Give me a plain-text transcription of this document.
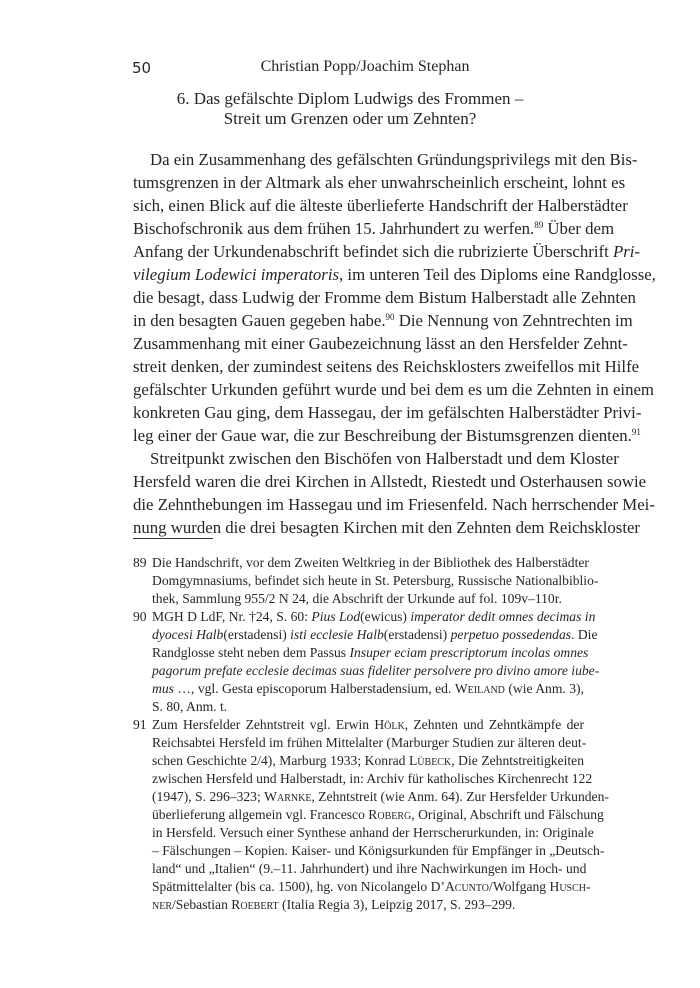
50	Christian Popp/Joachim Stephan
6. Das gefälschte Diplom Ludwigs des Frommen –
Streit um Grenzen oder um Zehnten?
Da ein Zusammenhang des gefälschten Gründungsprivilegs mit den Bis-
tumsgrenzen in der Altmark als eher unwahrscheinlich erscheint, lohnt es
sich, einen Blick auf die älteste überlieferte Handschrift der Halberstädter
Bischofschronik aus dem frühen 15. Jahrhundert zu werfen.$^{89}$ Über dem
Anfang der Urkundenabschrift befindet sich die rubrizierte Überschrift Pri-
vilegium Lodewici imperatoris, im unteren Teil des Diploms eine Randglosse,
die besagt, dass Ludwig der Fromme dem Bistum Halberstadt alle Zehnten
in den besagten Gauen gegeben habe.$^{90}$ Die Nennung von Zehntrechten im
Zusammenhang mit einer Gaubezeichnung lässt an den Hersfelder Zehnt-
streit denken, der zumindest seitens des Reichsklosters zweifellos mit Hilfe
gefälschter Urkunden geführt wurde und bei dem es um die Zehnten in einem
konkreten Gau ging, dem Hassegau, der im gefälschten Halberstädter Privi-
leg einer der Gaue war, die zur Beschreibung der Bistumsgrenzen dienten.$^{91}$
Streitpunkt zwischen den Bischöfen von Halberstadt und dem Kloster
Hersfeld waren die drei Kirchen in Allstedt, Riestedt und Osterhausen sowie
die Zehnthebungen im Hassegau und im Friesenfeld. Nach herrschender Mei-
nung wurden die drei besagten Kirchen mit den Zehnten dem Reichskloster
89 Die Handschrift, vor dem Zweiten Weltkrieg in der Bibliothek des Halberstädter
Domgymnasiums, befindet sich heute in St. Petersburg, Russische Nationalbiblio-
thek, Sammlung 955/2 N 24, die Abschrift der Urkunde auf fol. 109v–110r.
90 MGH D LdF, Nr. †24, S. 60: Pius Lod(ewicus) imperator dedit omnes decimas in
dyocesi Halb(erstadensi) isti ecclesie Halb(erstadensi) perpetuo possedendas. Die
Randglosse steht neben dem Passus Insuper eciam prescriptorum incolas omnes
pagorum prefate ecclesie decimas suas fideliter persolvere pro divino amore iube-
mus …, vgl. Gesta episcoporum Halberstadensium, ed. Weiland (wie Anm. 3),
S. 80, Anm. t.
91 Zum Hersfelder Zehntstreit vgl. Erwin Hölk, Zehnten und Zehntkämpfe der
Reichsabtei Hersfeld im frühen Mittelalter (Marburger Studien zur älteren deut-
schen Geschichte 2/4), Marburg 1933; Konrad Lübeck, Die Zehntstreitigkeiten
zwischen Hersfeld und Halberstadt, in: Archiv für katholisches Kirchenrecht 122
(1947), S. 296–323; Warnke, Zehntstreit (wie Anm. 64). Zur Hersfelder Urkunden-
überlieferung allgemein vgl. Francesco Roberg, Original, Abschrift und Fälschung
in Hersfeld. Versuch einer Synthese anhand der Herrscherurkunden, in: Originale
– Fälschungen – Kopien. Kaiser- und Königsurkunden für Empfänger in „Deutsch-
land“ und „Italien“ (9.–11. Jahrhundert) und ihre Nachwirkungen im Hoch- und
Spätmittelalter (bis ca. 1500), hg. von Nicolangelo D’Acunto/Wolfgang Husch-
ner/Sebastian Roebert (Italia Regia 3), Leipzig 2017, S. 293–299.
